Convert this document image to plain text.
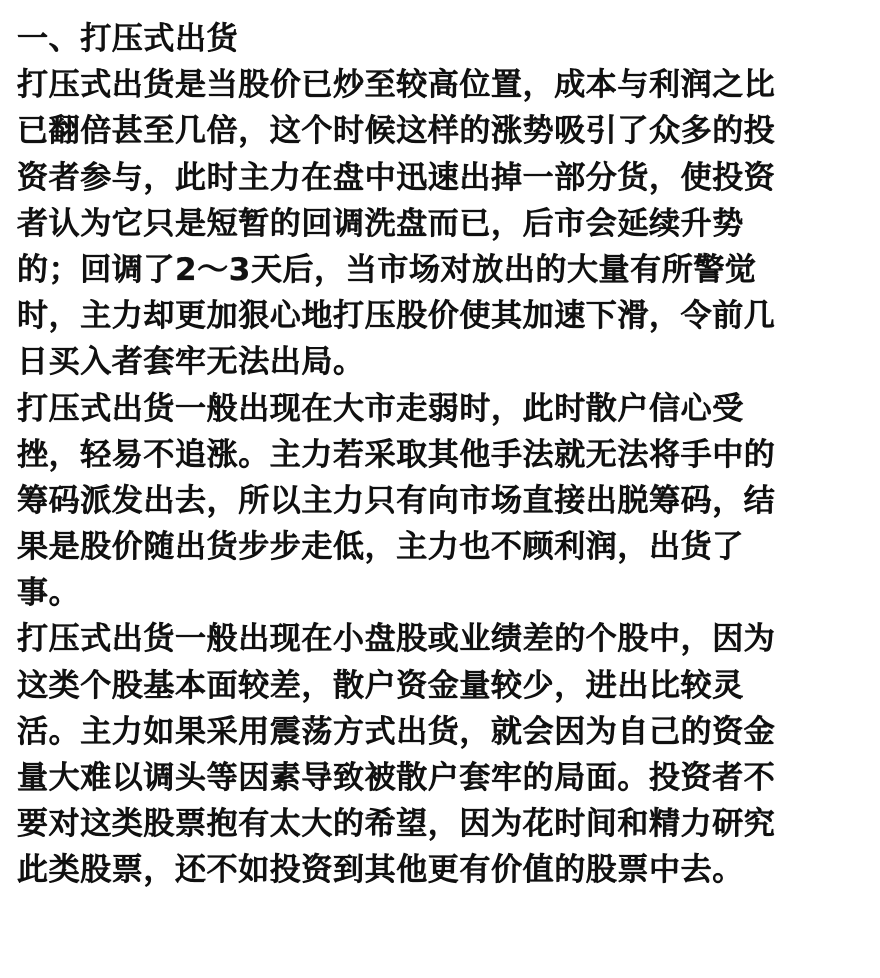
一、打压式出货
打压式出货是当股价已炒至较高位置，成本与利润之比
已翻倍甚至几倍，这个时候这样的涨势吸引了众多的投
资者参与，此时主力在盘中迅速出掉一部分货，使投资
者认为它只是短暂的回调洗盘而已，后市会延续升势
的；回调了2～3天后，当市场对放出的大量有所警觉
时，主力却更加狠心地打压股价使其加速下滑，令前几
日买入者套牢无法出局。
打压式出货一般出现在大市走弱时，此时散户信心受
挫，轻易不追涨。主力若采取其他手法就无法将手中的
筹码派发出去，所以主力只有向市场直接出脱筹码，结
果是股价随出货步步走低，主力也不顾利润，出货了
事。
打压式出货一般出现在小盘股或业绩差的个股中，因为
这类个股基本面较差，散户资金量较少，进出比较灵
活。主力如果采用震荡方式出货，就会因为自己的资金
量大难以调头等因素导致被散户套牢的局面。投资者不
要对这类股票抱有太大的希望，因为花时间和精力研究
此类股票，还不如投资到其他更有价值的股票中去。
